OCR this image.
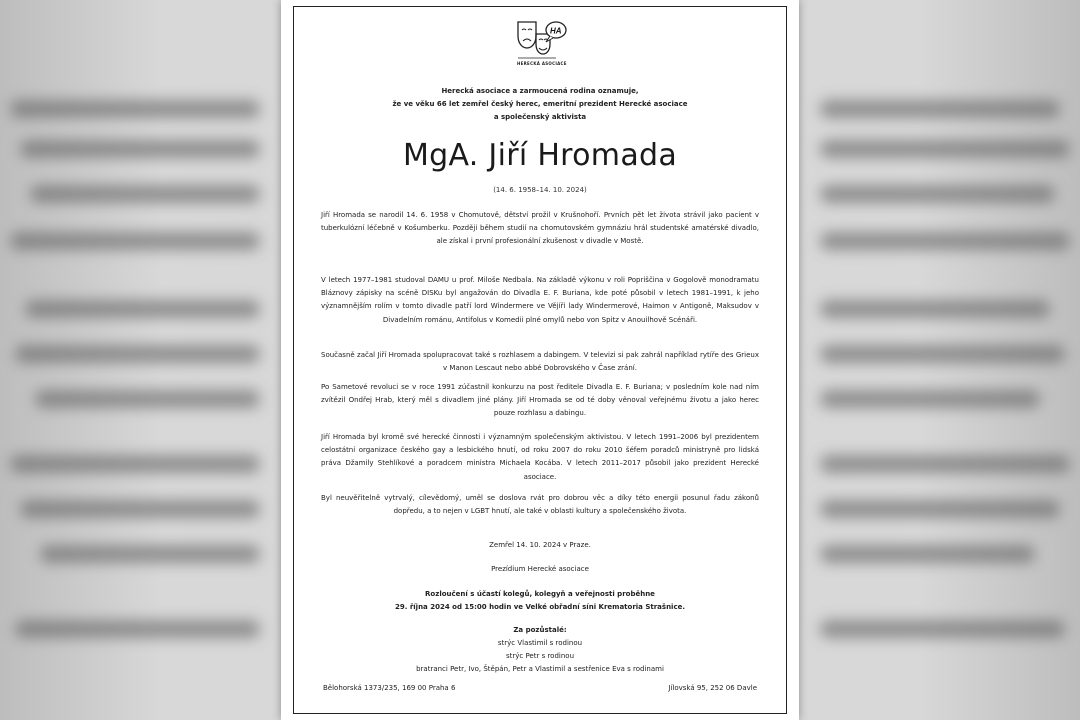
HA
HERECKÁ ASOCIACE
Herecká asociace a zarmoucená rodina oznamuje,
že ve věku 66 let zemřel český herec, emeritní prezident Herecké asociace
a společenský aktivista
MgA. Jiří Hromada
(14. 6. 1958–14. 10. 2024)
Jiří Hromada se narodil 14. 6. 1958 v Chomutově, dětství prožil v Krušnohoří. Prvních pět let života strávil jako pacient v tuberkulózní léčebně v Košumberku. Později během studií na chomutovském gymnáziu hrál studentské amatérské divadlo, ale získal i první profesionální zkušenost v divadle v Mostě.
V letech 1977–1981 studoval DAMU u prof. Miloše Nedbala. Na základě výkonu v roli Popriščina v Gogolově monodramatu Bláznovy zápisky na scéně DISKu byl angažován do Divadla E. F. Buriana, kde poté působil v letech 1981–1991, k jeho významnějším rolím v tomto divadle patří lord Windermere ve Vějíři lady Windermerové, Haimon v Antigoně, Maksudov v Divadelním románu, Antifolus v Komedii plné omylů nebo von Spitz v Anouilhově Scénáři.
Současně začal Jiří Hromada spolupracovat také s rozhlasem a dabingem. V televizi si pak zahrál například rytíře des Grieux v Manon Lescaut nebo abbé Dobrovského v Čase zrání.
Po Sametové revoluci se v roce 1991 zúčastnil konkurzu na post ředitele Divadla E. F. Buriana; v posledním kole nad ním zvítězil Ondřej Hrab, který měl s divadlem jiné plány. Jiří Hromada se od té doby věnoval veřejnému životu a jako herec pouze rozhlasu a dabingu.
Jiří Hromada byl kromě své herecké činnosti i významným společenským aktivistou. V letech 1991–2006 byl prezidentem celostátní organizace českého gay a lesbického hnutí, od roku 2007 do roku 2010 šéfem poradců ministryně pro lidská práva Džamily Stehlíkové a poradcem ministra Michaela Kocába. V letech 2011–2017 působil jako prezident Herecké asociace.
Byl neuvěřitelně vytrvalý, cílevědomý, uměl se doslova rvát pro dobrou věc a díky této energii posunul řadu zákonů dopředu, a to nejen v LGBT hnutí, ale také v oblasti kultury a společenského života.
Zemřel 14. 10. 2024 v Praze.
Prezídium Herecké asociace
Rozloučení s účastí kolegů, kolegyň a veřejnosti proběhne
29. října 2024 od 15:00 hodin ve Velké obřadní síni Krematoria Strašnice.
Za pozůstalé:
strýc Vlastimil s rodinou
strýc Petr s rodinou
bratranci Petr, Ivo, Štěpán, Petr a Vlastimil a sestřenice Eva s rodinami
Bělohorská 1373/235, 169 00 Praha 6	Jílovská 95, 252 06 Davle
